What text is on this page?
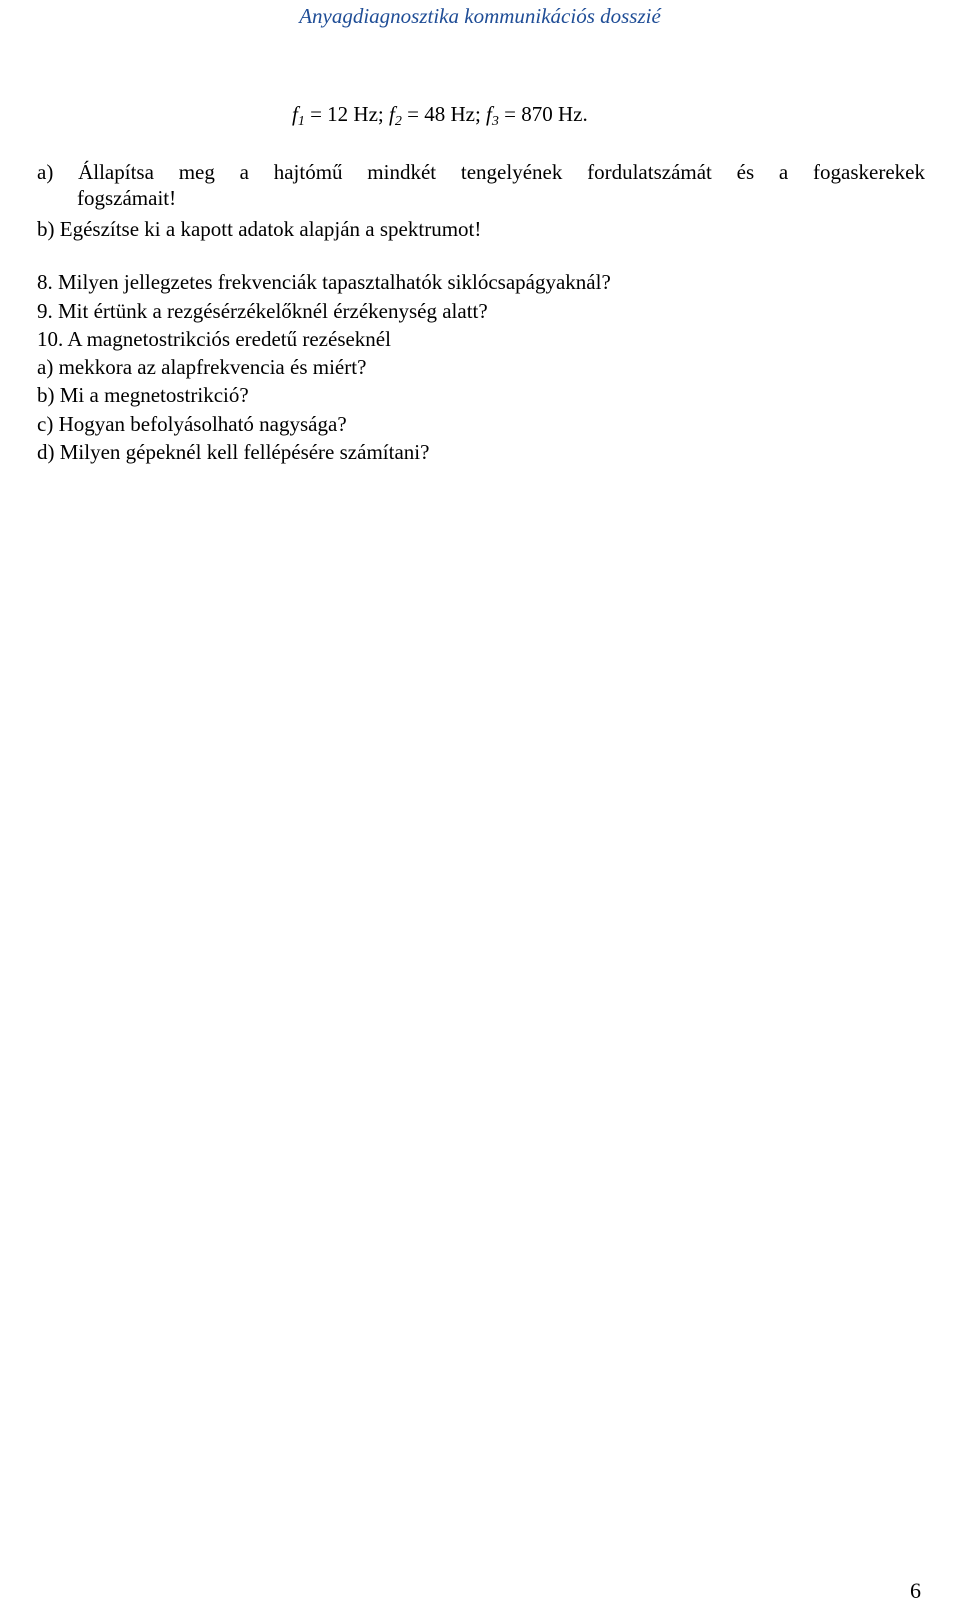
Anyagdiagnosztika kommunikációs dosszié
$f_1 = 12$ Hz; $f_2 = 48$ Hz; $f_3 = 870$ Hz.
a) Állapítsa meg a hajtómű mindkét tengelyének fordulatszámát és a fogaskerekek
fogszámait!
b) Egészítse ki a kapott adatok alapján a spektrumot!
8. Milyen jellegzetes frekvenciák tapasztalhatók siklócsapágyaknál?
9. Mit értünk a rezgésérzékelőknél érzékenység alatt?
10. A magnetostrikciós eredetű rezéseknél
a) mekkora az alapfrekvencia és miért?
b) Mi a megnetostrikció?
c) Hogyan befolyásolható nagysága?
d) Milyen gépeknél kell fellépésére számítani?
6
